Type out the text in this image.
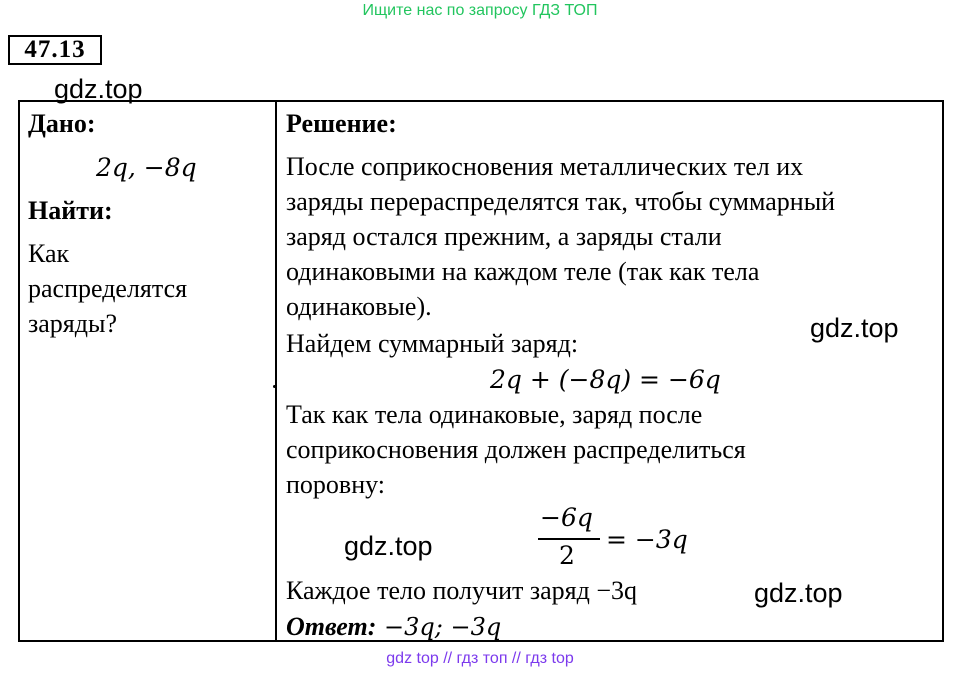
Ищите нас по запросу ГДЗ ТОП
47.13
gdz.top
Дано:
2q, −8q
Найти:
Как
распределятся
заряды?
Решение:
После соприкосновения металлических тел их
заряды перераспределятся так, чтобы суммарный
заряд остался прежним, а заряды стали
одинаковыми на каждом теле (так как тела
одинаковые).
gdz.top
Найдем суммарный заряд:
2q + (−8q) = −6q
Так как тела одинаковые, заряд после
соприкосновения должен распределиться
поровну:
gdz.top
−6q
2
= −3q
Каждое тело получит заряд −3q	gdz.top
Ответ: −3q; −3q
gdz top // гдз топ // гдз top
